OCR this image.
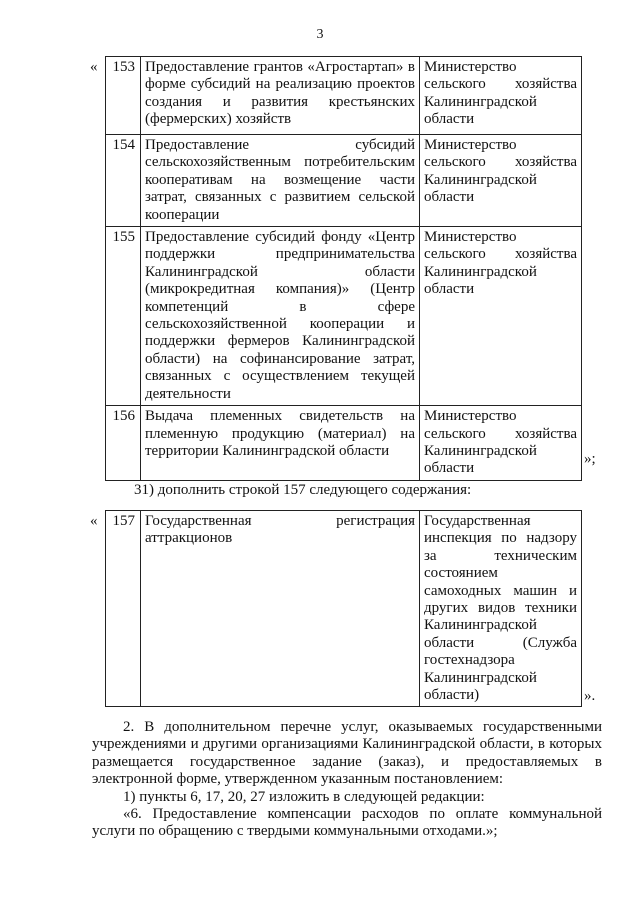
3
« 153	Предоставление грантов «Агростартап» в форме субсидий на реализацию проектов создания и развития крестьянских (фермерских) хозяйств	Министерство сельского хозяйства Калининградской области
154	Предоставление субсидий сельскохозяйственным потребительским кооперативам на возмещение части затрат, связанных с развитием сельской кооперации	Министерство сельского хозяйства Калининградской области
155	Предоставление субсидий фонду «Центр поддержки предпринимательства Калининградской области (микрокредитная компания)» (Центр компетенций в сфере сельскохозяйственной кооперации и поддержки фермеров Калининградской области) на софинансирование затрат, связанных с осуществлением текущей деятельности	Министерство сельского хозяйства Калининградской области
156	Выдача племенных свидетельств на племенную продукцию (материал) на территории Калининградской области	Министерство сельского хозяйства Калининградской области
»;
31) дополнить строкой 157 следующего содержания:
« 157	Государственная регистрация аттракционов	Государственная инспекция по надзору за техническим состоянием самоходных машин и других видов техники Калининградской области (Служба гостехнадзора Калининградской области)	».
2. В дополнительном перечне услуг, оказываемых государственными учреждениями и другими организациями Калининградской области, в которых размещается государственное задание (заказ), и предоставляемых в электронной форме, утвержденном указанным постановлением:
1) пункты 6, 17, 20, 27 изложить в следующей редакции:
«6. Предоставление компенсации расходов по оплате коммунальной услуги по обращению с твердыми коммунальными отходами.»;
